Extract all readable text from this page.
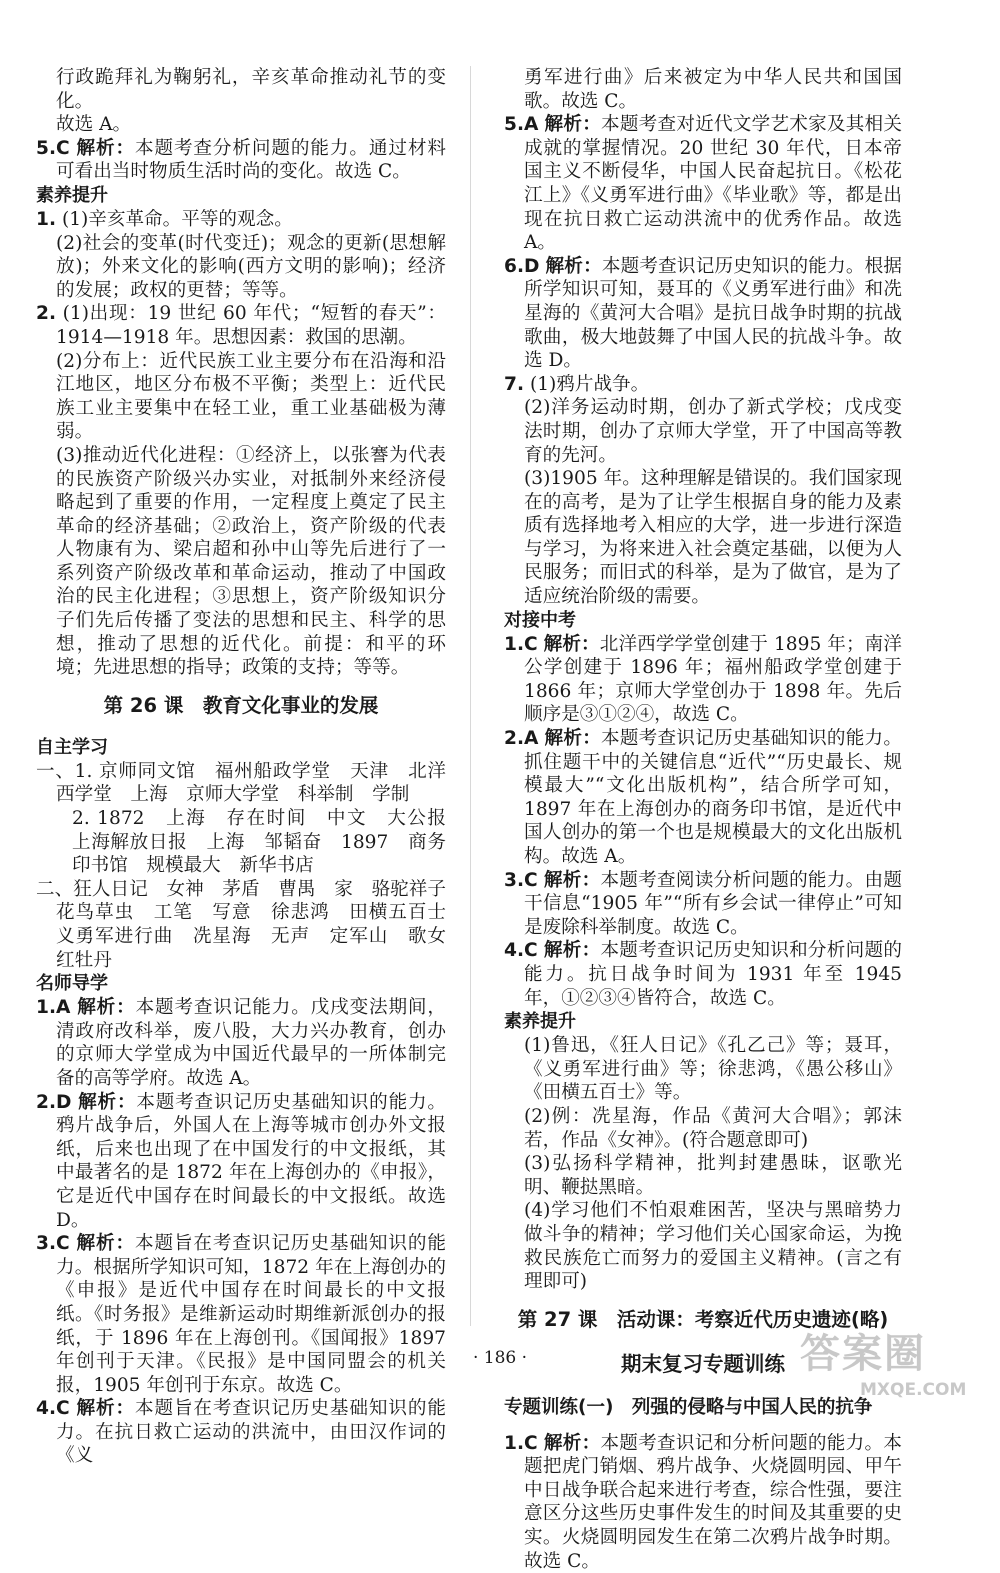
行政跪拜礼为鞠躬礼，辛亥革命推动礼节的变化。

故选 A。

5.C 解析：本题考查分析问题的能力。通过材料可看出当时物质生活时尚的变化。故选 C。

素养提升

1. (1)辛亥革命。平等的观念。

(2)社会的变革(时代变迁)；观念的更新(思想解放)；外来文化的影响(西方文明的影响)；经济的发展；政权的更替；等等。

2. (1)出现：19 世纪 60 年代；“短暂的春天”：1914—1918 年。思想因素：救国的思潮。

(2)分布上：近代民族工业主要分布在沿海和沿江地区，地区分布极不平衡；类型上：近代民族工业主要集中在轻工业，重工业基础极为薄弱。

(3)推动近代化进程：①经济上，以张謇为代表的民族资产阶级兴办实业，对抵制外来经济侵略起到了重要的作用，一定程度上奠定了民主革命的经济基础；②政治上，资产阶级的代表人物康有为、梁启超和孙中山等先后进行了一系列资产阶级改革和革命运动，推动了中国政治的民主化进程；③思想上，资产阶级知识分子们先后传播了变法的思想和民主、科学的思想，推动了思想的近代化。前提：和平的环境；先进思想的指导；政策的支持；等等。

第 26 课　教育文化事业的发展

自主学习

一、1. 京师同文馆　福州船政学堂　天津　北洋西学堂　上海　京师大学堂　科举制　学制

2. 1872　上海　存在时间　中文　大公报　上海解放日报　上海　邹韬奋　1897　商务印书馆　规模最大　新华书店

二、狂人日记　女神　茅盾　曹禺　家　骆驼祥子　花鸟草虫　工笔　写意　徐悲鸿　田横五百士　义勇军进行曲　冼星海　无声　定军山　歌女红牡丹

名师导学

1.A 解析：本题考查识记能力。戊戌变法期间，清政府改科举，废八股，大力兴办教育，创办的京师大学堂成为中国近代最早的一所体制完备的高等学府。故选 A。

2.D 解析：本题考查识记历史基础知识的能力。鸦片战争后，外国人在上海等城市创办外文报纸，后来也出现了在中国发行的中文报纸，其中最著名的是 1872 年在上海创办的《申报》，它是近代中国存在时间最长的中文报纸。故选 D。

3.C 解析：本题旨在考查识记历史基础知识的能力。根据所学知识可知，1872 年在上海创办的《申报》是近代中国存在时间最长的中文报纸。《时务报》是维新运动时期维新派创办的报纸，于 1896 年在上海创刊。《国闻报》1897 年创刊于天津。《民报》是中国同盟会的机关报，1905 年创刊于东京。故选 C。

4.C 解析：本题旨在考查识记历史基础知识的能力。在抗日救亡运动的洪流中，由田汉作词的《义

勇军进行曲》后来被定为中华人民共和国国歌。故选 C。

5.A 解析：本题考查对近代文学艺术家及其相关成就的掌握情况。20 世纪 30 年代，日本帝国主义不断侵华，中国人民奋起抗日。《松花江上》《义勇军进行曲》《毕业歌》等，都是出现在抗日救亡运动洪流中的优秀作品。故选 A。

6.D 解析：本题考查识记历史知识的能力。根据所学知识可知，聂耳的《义勇军进行曲》和冼星海的《黄河大合唱》是抗日战争时期的抗战歌曲，极大地鼓舞了中国人民的抗战斗争。故选 D。

7. (1)鸦片战争。

(2)洋务运动时期，创办了新式学校；戊戌变法时期，创办了京师大学堂，开了中国高等教育的先河。

(3)1905 年。这种理解是错误的。我们国家现在的高考，是为了让学生根据自身的能力及素质有选择地考入相应的大学，进一步进行深造与学习，为将来进入社会奠定基础，以便为人民服务；而旧式的科举，是为了做官，是为了适应统治阶级的需要。

对接中考

1.C 解析：北洋西学学堂创建于 1895 年；南洋公学创建于 1896 年；福州船政学堂创建于 1866 年；京师大学堂创办于 1898 年。先后顺序是③①②④，故选 C。

2.A 解析：本题考查识记历史基础知识的能力。抓住题干中的关键信息“近代”“历史最长、规模最大”“文化出版机构”，结合所学可知，1897 年在上海创办的商务印书馆，是近代中国人创办的第一个也是规模最大的文化出版机构。故选 A。

3.C 解析：本题考查阅读分析问题的能力。由题干信息“1905 年”“所有乡会试一律停止”可知是废除科举制度。故选 C。

4.C 解析：本题考查识记历史知识和分析问题的能力。抗日战争时间为 1931 年至 1945 年，①②③④皆符合，故选 C。

素养提升

(1)鲁迅，《狂人日记》《孔乙己》等；聂耳，《义勇军进行曲》等；徐悲鸿，《愚公移山》《田横五百士》等。

(2)例：冼星海，作品《黄河大合唱》；郭沫若，作品《女神》。(符合题意即可)

(3)弘扬科学精神，批判封建愚昧，讴歌光明、鞭挞黑暗。

(4)学习他们不怕艰难困苦，坚决与黑暗势力做斗争的精神；学习他们关心国家命运，为挽救民族危亡而努力的爱国主义精神。(言之有理即可)

第 27 课　活动课：考察近代历史遗迹(略)

期末复习专题训练

专题训练(一)　列强的侵略与中国人民的抗争

1.C 解析：本题考查识记和分析问题的能力。本题把虎门销烟、鸦片战争、火烧圆明园、甲午中日战争联合起来进行考查，综合性强，要注意区分这些历史事件发生的时间及其重要的史实。火烧圆明园发生在第二次鸦片战争时期。故选 C。

· 186 ·	答案圈
MXQE.COM
